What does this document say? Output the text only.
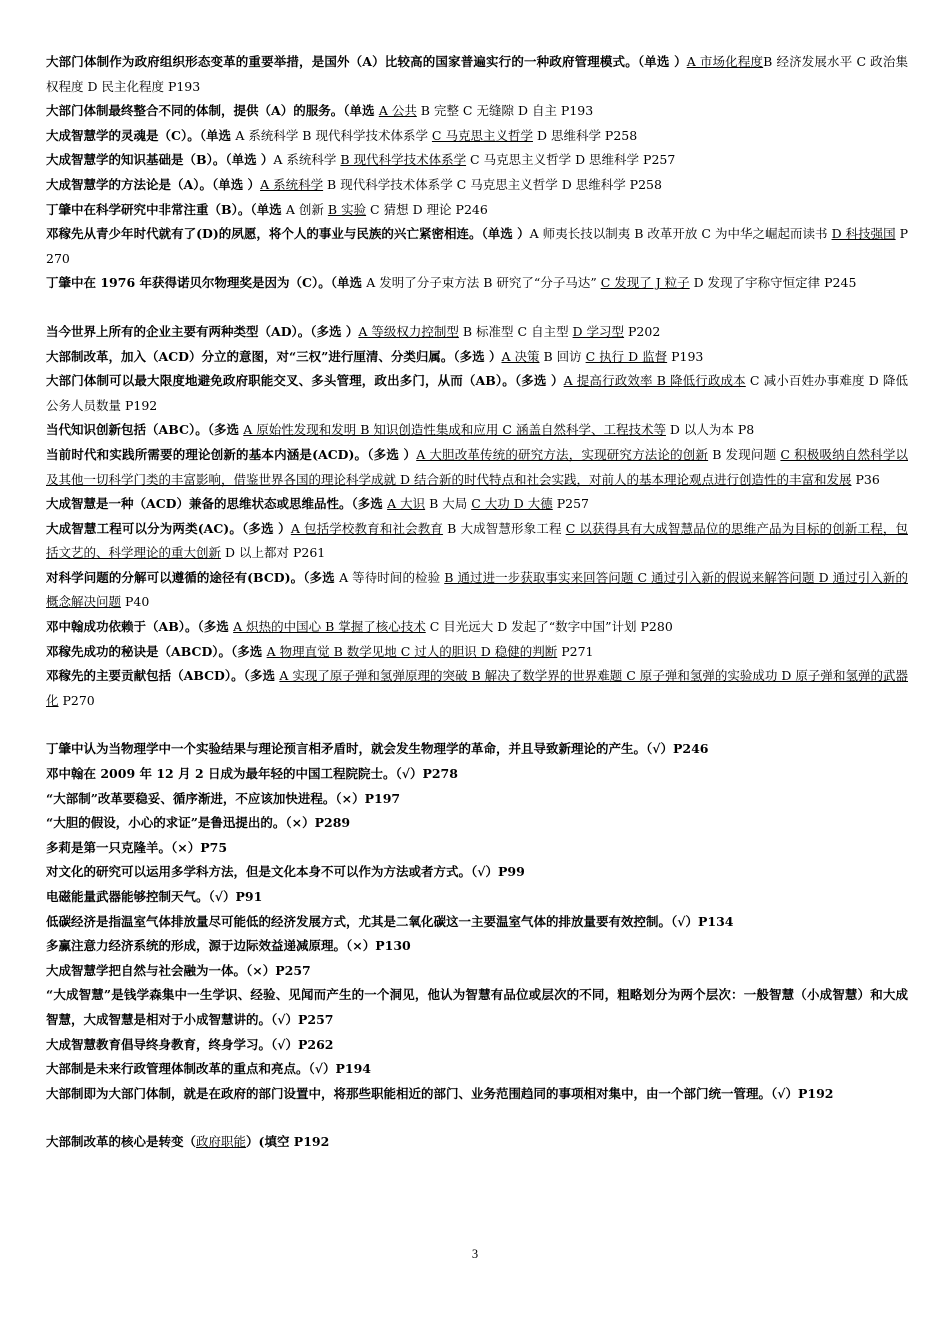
大部门体制作为政府组织形态变革的重要举措，是国外（A）比较高的国家普遍实行的一种政府管理模式。（单选 ）A 市场化程度B 经济发展水平 C 政治集权程度 D 民主化程度 P193

大部门体制最终整合不同的体制，提供（A）的服务。（单选 A 公共 B 完整 C 无缝隙 D 自主 P193

大成智慧学的灵魂是（C）。（单选 A 系统科学 B 现代科学技术体系学 C 马克思主义哲学 D 思维科学 P258

大成智慧学的知识基础是（B）。（单选 ）A 系统科学 B 现代科学技术体系学 C 马克思主义哲学 D 思维科学 P257

大成智慧学的方法论是（A）。（单选 ）A 系统科学 B 现代科学技术体系学 C 马克思主义哲学 D 思维科学 P258

丁肇中在科学研究中非常注重（B）。（单选 A 创新 B 实验 C 猜想 D 理论 P246

邓稼先从青少年时代就有了(D)的夙愿，将个人的事业与民族的兴亡紧密相连。（单选 ）A 师夷长技以制夷 B 改革开放 C 为中华之崛起而读书 D 科技强国 P270

丁肇中在 1976 年获得诺贝尔物理奖是因为（C）。（单选 A 发明了分子束方法 B 研究了“分子马达” C 发现了 J 粒子 D 发现了宇称守恒定律 P245

当今世界上所有的企业主要有两种类型（AD）。（多选 ）A 等级权力控制型 B 标准型 C 自主型 D 学习型 P202

大部制改革，加入（ACD）分立的意图，对“三权”进行厘清、分类归属。（多选 ）A 决策 B 回访 C 执行 D 监督 P193

大部门体制可以最大限度地避免政府职能交叉、多头管理，政出多门，从而（AB）。（多选 ）A 提高行政效率 B 降低行政成本 C 减小百姓办事难度 D 降低公务人员数量 P192

当代知识创新包括（ABC）。（多选 A 原始性发现和发明 B 知识创造性集成和应用 C 涵盖自然科学、工程技术等 D 以人为本 P8

当前时代和实践所需要的理论创新的基本内涵是(ACD)。（多选 ）A 大胆改革传统的研究方法，实现研究方法论的创新 B 发现问题 C 积极吸纳自然科学以及其他一切科学门类的丰富影响，借鉴世界各国的理论科学成就 D 结合新的时代特点和社会实践，对前人的基本理论观点进行创造性的丰富和发展 P36

大成智慧是一种（ACD）兼备的思维状态或思维品性。（多选 A 大识 B 大局 C 大功 D 大德 P257

大成智慧工程可以分为两类(AC)。（多选 ）A 包括学校教育和社会教育 B 大成智慧形象工程 C 以获得具有大成智慧品位的思维产品为目标的创新工程，包括文艺的、科学理论的重大创新 D 以上都对 P261

对科学问题的分解可以遵循的途径有(BCD)。（多选 A 等待时间的检验 B 通过进一步获取事实来回答问题 C 通过引入新的假说来解答问题 D 通过引入新的概念解决问题 P40

邓中翰成功依赖于（AB）。（多选 A 炽热的中国心 B 掌握了核心技术 C 目光远大 D 发起了“数字中国”计划 P280

邓稼先成功的秘诀是（ABCD）。（多选 A 物理直觉 B 数学见地 C 过人的胆识 D 稳健的判断 P271

邓稼先的主要贡献包括（ABCD）。（多选 A 实现了原子弹和氢弹原理的突破 B 解决了数学界的世界难题 C 原子弹和氢弹的实验成功 D 原子弹和氢弹的武器化 P270

丁肇中认为当物理学中一个实验结果与理论预言相矛盾时，就会发生物理学的革命，并且导致新理论的产生。（√）P246

邓中翰在 2009 年 12 月 2 日成为最年轻的中国工程院院士。（√）P278

“大部制”改革要稳妥、循序渐进，不应该加快进程。（×）P197

“大胆的假设，小心的求证”是鲁迅提出的。（×）P289

多莉是第一只克隆羊。（×）P75

对文化的研究可以运用多学科方法，但是文化本身不可以作为方法或者方式。（√）P99

电磁能量武器能够控制天气。（√）P91

低碳经济是指温室气体排放量尽可能低的经济发展方式，尤其是二氧化碳这一主要温室气体的排放量要有效控制。（√）P134

多赢注意力经济系统的形成，源于边际效益递减原理。（×）P130

大成智慧学把自然与社会融为一体。（×）P257

“大成智慧”是钱学森集中一生学识、经验、见闻而产生的一个洞见，他认为智慧有品位或层次的不同，粗略划分为两个层次：一般智慧（小成智慧）和大成智慧，大成智慧是相对于小成智慧讲的。（√）P257

大成智慧教育倡导终身教育，终身学习。（√）P262

大部制是未来行政管理体制改革的重点和亮点。（√）P194

大部制即为大部门体制，就是在政府的部门设置中，将那些职能相近的部门、业务范围趋同的事项相对集中，由一个部门统一管理。（√）P192

大部制改革的核心是转变（政府职能）(填空 P192

3
